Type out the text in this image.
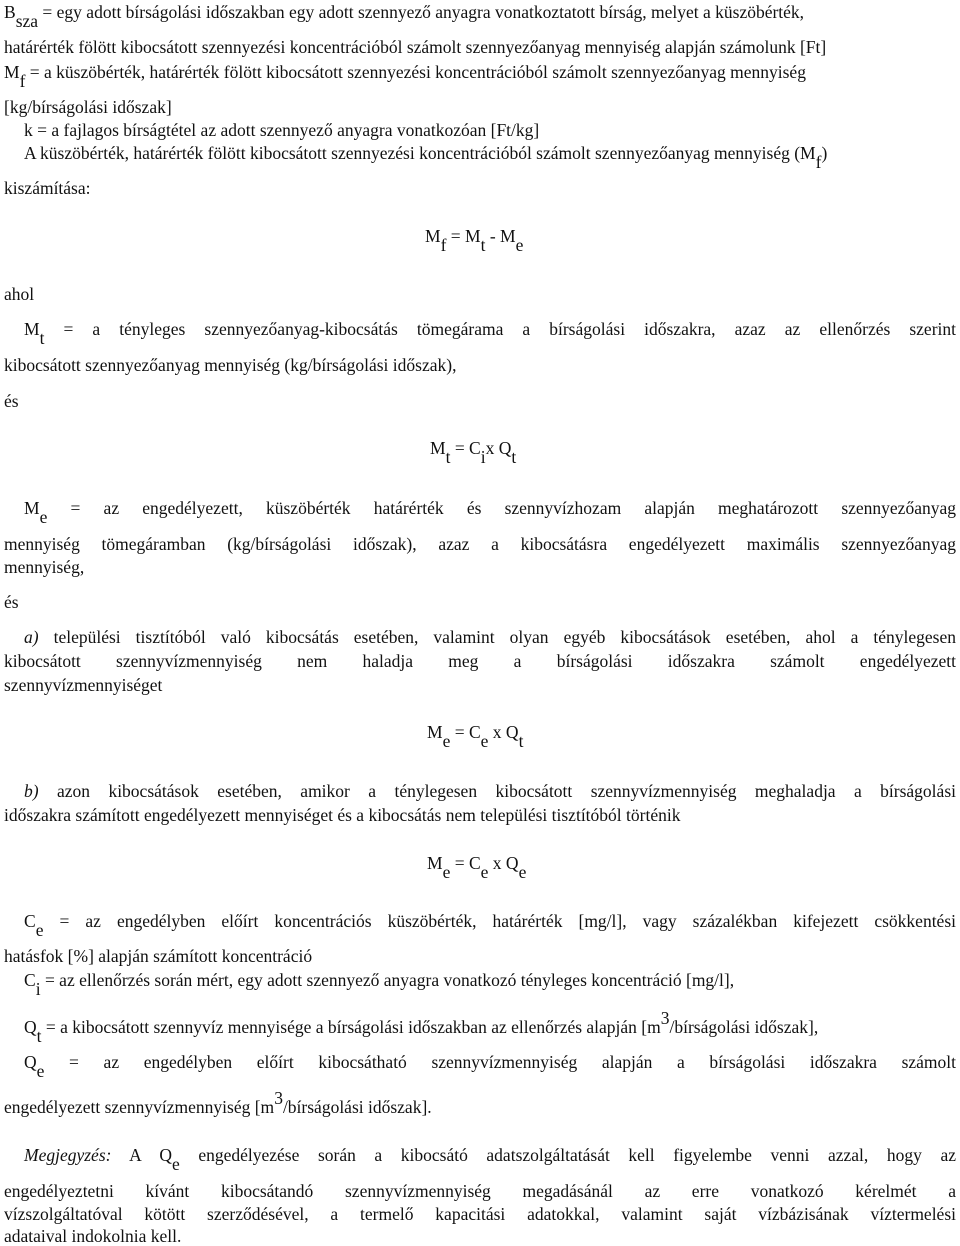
Bsza = egy adott bírságolási időszakban egy adott szennyező anyagra vonatkoztatott bírság, melyet a küszöbérték,
határérték fölött kibocsátott szennyezési koncentrációból számolt szennyezőanyag mennyiség alapján számolunk [Ft]
Mf = a küszöbérték, határérték fölött kibocsátott szennyezési koncentrációból számolt szennyezőanyag mennyiség
[kg/bírságolási időszak]
k = a fajlagos bírságtétel az adott szennyező anyagra vonatkozóan [Ft/kg]
A küszöbérték, határérték fölött kibocsátott szennyezési koncentrációból számolt szennyezőanyag mennyiség (Mf)
kiszámítása:
Mf = Mt - Me
ahol
Mt = a tényleges szennyezőanyag-kibocsátás tömegárama a bírságolási időszakra, azaz az ellenőrzés szerint
kibocsátott szennyezőanyag mennyiség (kg/bírságolási időszak),
és
Mt = Cix Qt
Me = az engedélyezett, küszöbérték határérték és szennyvízhozam alapján meghatározott szennyezőanyag
mennyiség tömegáramban (kg/bírságolási időszak), azaz a kibocsátásra engedélyezett maximális szennyezőanyag
mennyiség,
és
a) települési tisztítóból való kibocsátás esetében, valamint olyan egyéb kibocsátások esetében, ahol a ténylegesen
kibocsátott szennyvízmennyiség nem haladja meg a bírságolási időszakra számolt engedélyezett
szennyvízmennyiséget
Me = Ce x Qt
b) azon kibocsátások esetében, amikor a ténylegesen kibocsátott szennyvízmennyiség meghaladja a bírságolási
időszakra számított engedélyezett mennyiséget és a kibocsátás nem települési tisztítóból történik
Me = Ce x Qe
Ce = az engedélyben előírt koncentrációs küszöbérték, határérték [mg/l], vagy százalékban kifejezett csökkentési
hatásfok [%] alapján számított koncentráció
Ci = az ellenőrzés során mért, egy adott szennyező anyagra vonatkozó tényleges koncentráció [mg/l],
Qt = a kibocsátott szennyvíz mennyisége a bírságolási időszakban az ellenőrzés alapján [m3/bírságolási időszak],
Qe = az engedélyben előírt kibocsátható szennyvízmennyiség alapján a bírságolási időszakra számolt
engedélyezett szennyvízmennyiség [m3/bírságolási időszak].
Megjegyzés: A Qe engedélyezése során a kibocsátó adatszolgáltatását kell figyelembe venni azzal, hogy az
engedélyeztetni kívánt kibocsátandó szennyvízmennyiség megadásánál az erre vonatkozó kérelmét a
vízszolgáltatóval kötött szerződésével, a termelő kapacitási adatokkal, valamint saját vízbázisának víztermelési
adataival indokolnia kell.
